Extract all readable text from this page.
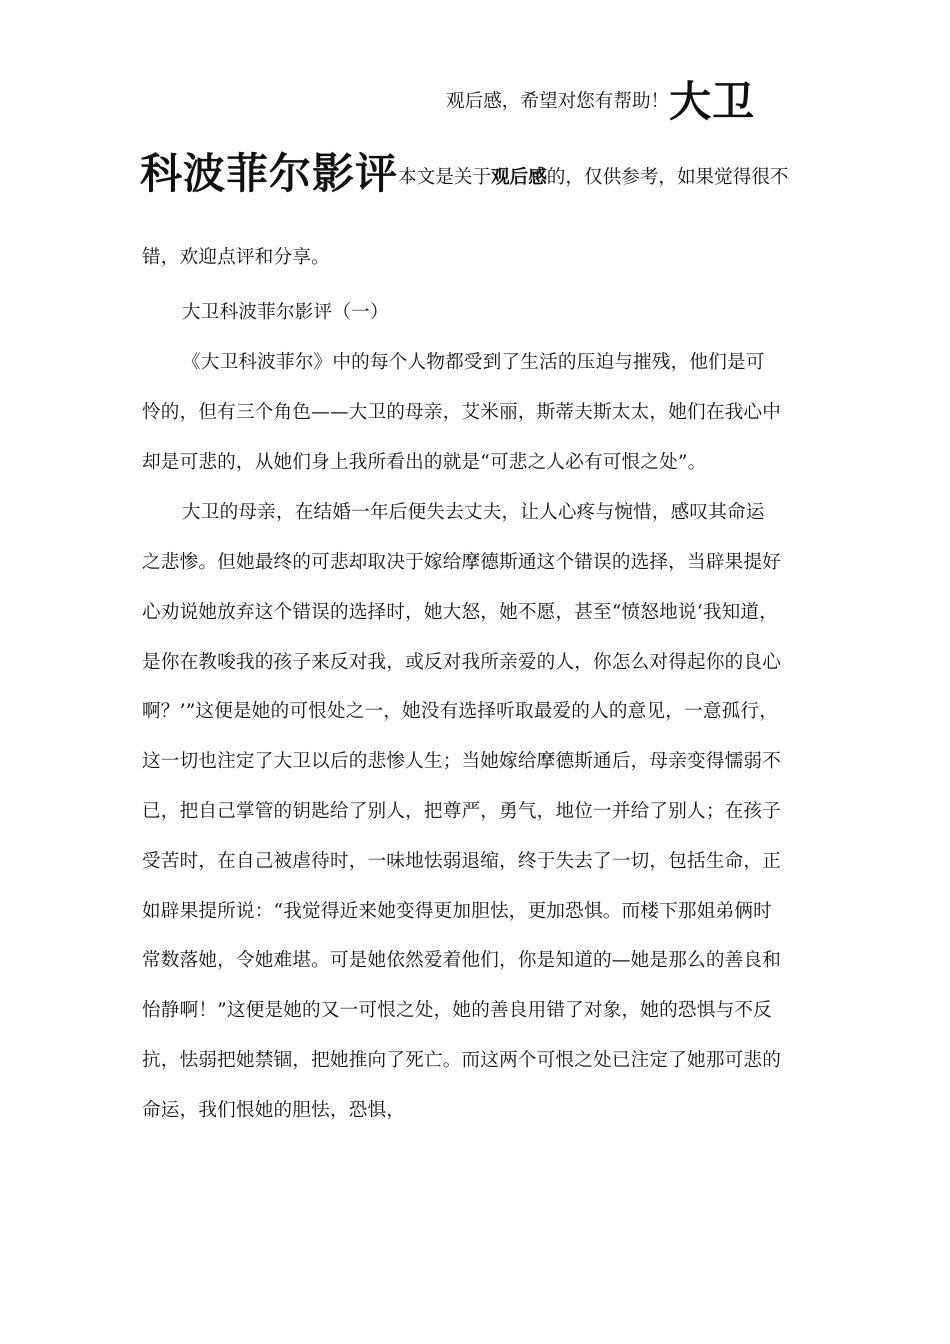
观后感，希望对您有帮助！大卫
科波菲尔影评本文是关于观后感的，仅供参考，如果觉得很不
错，欢迎点评和分享。
大卫科波菲尔影评（一）
《大卫科波菲尔》中的每个人物都受到了生活的压迫与摧残，他们是可
怜的，但有三个角色——大卫的母亲，艾米丽，斯蒂夫斯太太，她们在我心中
却是可悲的，从她们身上我所看出的就是“可悲之人必有可恨之处”。
大卫的母亲，在结婚一年后便失去丈夫，让人心疼与惋惜，感叹其命运
之悲惨。但她最终的可悲却取决于嫁给摩德斯通这个错误的选择，当辟果提好
心劝说她放弃这个错误的选择时，她大怒，她不愿，甚至“愤怒地说‘我知道，
是你在教唆我的孩子来反对我，或反对我所亲爱的人，你怎么对得起你的良心
啊？’”这便是她的可恨处之一，她没有选择听取最爱的人的意见，一意孤行，
这一切也注定了大卫以后的悲惨人生；当她嫁给摩德斯通后，母亲变得懦弱不
已，把自己掌管的钥匙给了别人，把尊严，勇气，地位一并给了别人；在孩子
受苦时，在自己被虐待时，一味地怯弱退缩，终于失去了一切，包括生命，正
如辟果提所说：“我觉得近来她变得更加胆怯，更加恐惧。而楼下那姐弟俩时
常数落她，令她难堪。可是她依然爱着他们，你是知道的—她是那么的善良和
怡静啊！”这便是她的又一可恨之处，她的善良用错了对象，她的恐惧与不反
抗，怯弱把她禁锢，把她推向了死亡。而这两个可恨之处已注定了她那可悲的
命运，我们恨她的胆怯，恐惧，
